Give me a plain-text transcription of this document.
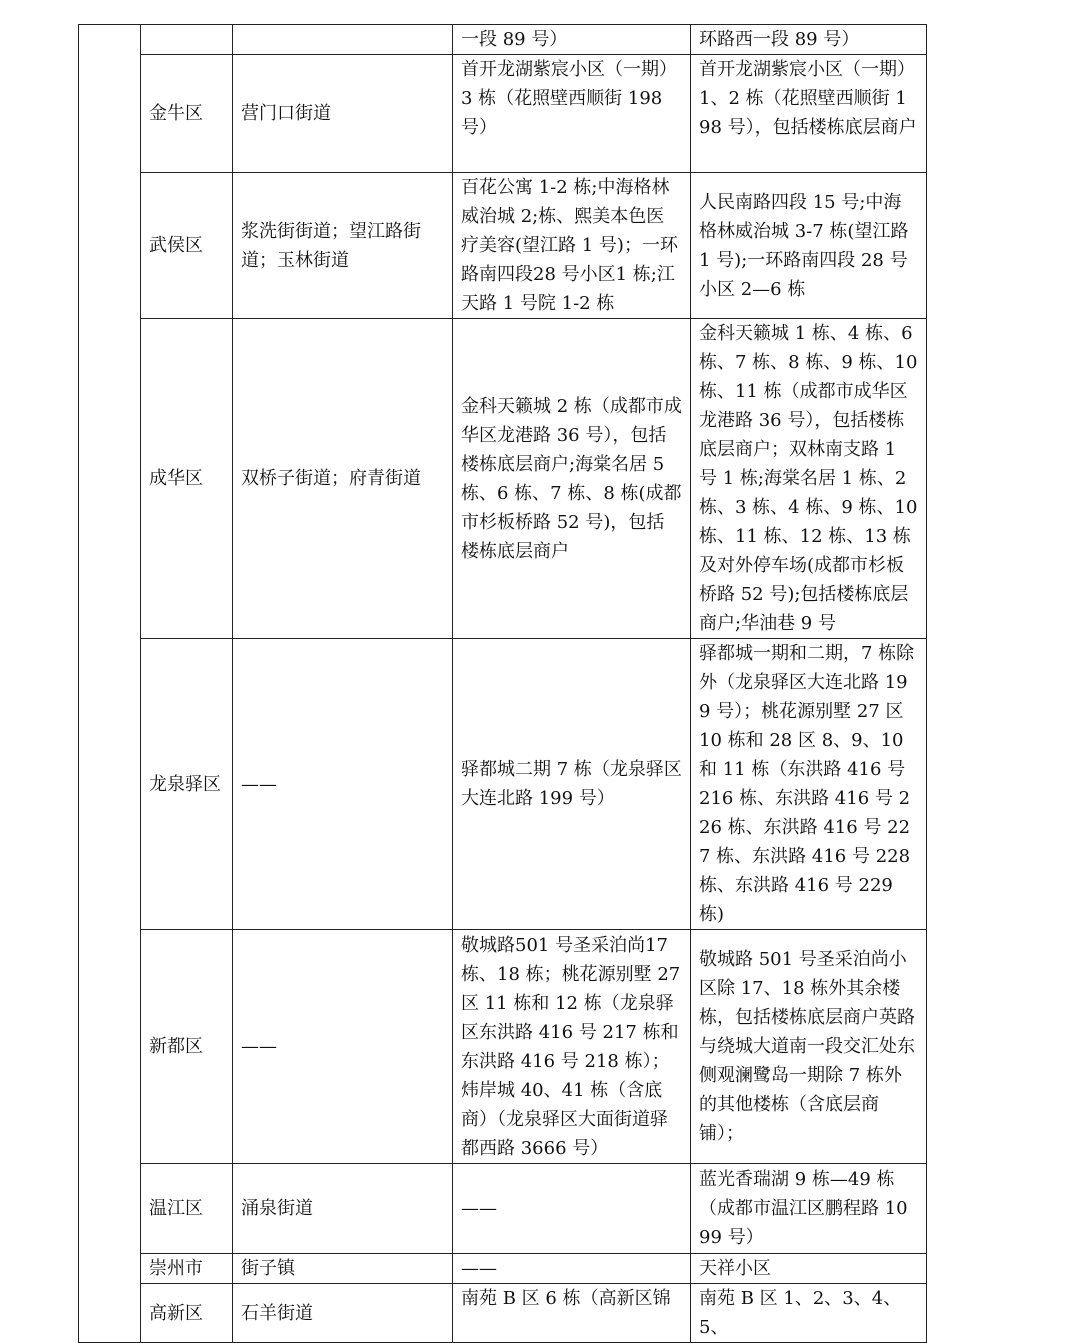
			一段 89 号）	环路西一段 89 号）

	金牛区	营门口街道	首开龙湖紫宸小区（一期）3 栋（花照壁西顺街 198 号）	首开龙湖紫宸小区（一期）1、2 栋（花照壁西顺街 198 号），包括楼栋底层商户

	武侯区	浆洗街街道；望江路街道；玉林街道	百花公寓 1-2 栋;中海格林威治城 2;栋、熙美本色医疗美容(望江路 1 号)；一环路南四段28 号小区1 栋;江天路 1 号院 1-2 栋	人民南路四段 15 号;中海格林威治城 3-7 栋(望江路 1 号);一环路南四段 28 号小区 2—6 栋

	成华区	双桥子街道；府青街道	金科天籁城 2 栋（成都市成华区龙港路 36 号），包括楼栋底层商户;海棠名居 5 栋、6 栋、7 栋、8 栋(成都市杉板桥路 52 号)，包括楼栋底层商户	金科天籁城 1 栋、4 栋、6 栋、7 栋、8 栋、9 栋、10 栋、11 栋（成都市成华区龙港路 36 号），包括楼栋底层商户；双林南支路 1 号 1 栋;海棠名居 1 栋、2 栋、3 栋、4 栋、9 栋、10 栋、11 栋、12 栋、13 栋及对外停车场(成都市杉板桥路 52 号);包括楼栋底层商户;华油巷 9 号

	龙泉驿区	——	驿都城二期 7 栋（龙泉驿区大连北路 199 号）	驿都城一期和二期，7 栋除外（龙泉驿区大连北路 199 号）；桃花源别墅 27 区 10 栋和 28 区 8、9、10 和 11 栋（东洪路 416 号 216 栋、东洪路 416 号 226 栋、东洪路 416 号 227 栋、东洪路 416 号 228 栋、东洪路 416 号 229 栋)

	新都区	——	敬城路501 号圣采泊尚17 栋、18 栋；桃花源别墅 27 区 11 栋和 12 栋（龙泉驿区东洪路 416 号 217 栋和东洪路 416 号 218 栋）；炜岸城 40、41 栋（含底商）（龙泉驿区大面街道驿都西路 3666 号）	敬城路 501 号圣采泊尚小区除 17、18 栋外其余楼栋，包括楼栋底层商户英路与绕城大道南一段交汇处东侧观澜鹭岛一期除 7 栋外的其他楼栋（含底层商铺）；

	温江区	涌泉街道	——	蓝光香瑞湖 9 栋—49 栋（成都市温江区鹏程路 1099 号）

	崇州市	街子镇	——	天祥小区

	高新区	石羊街道	南苑 B 区 6 栋（高新区锦	南苑 B 区 1、2、3、4、5、
